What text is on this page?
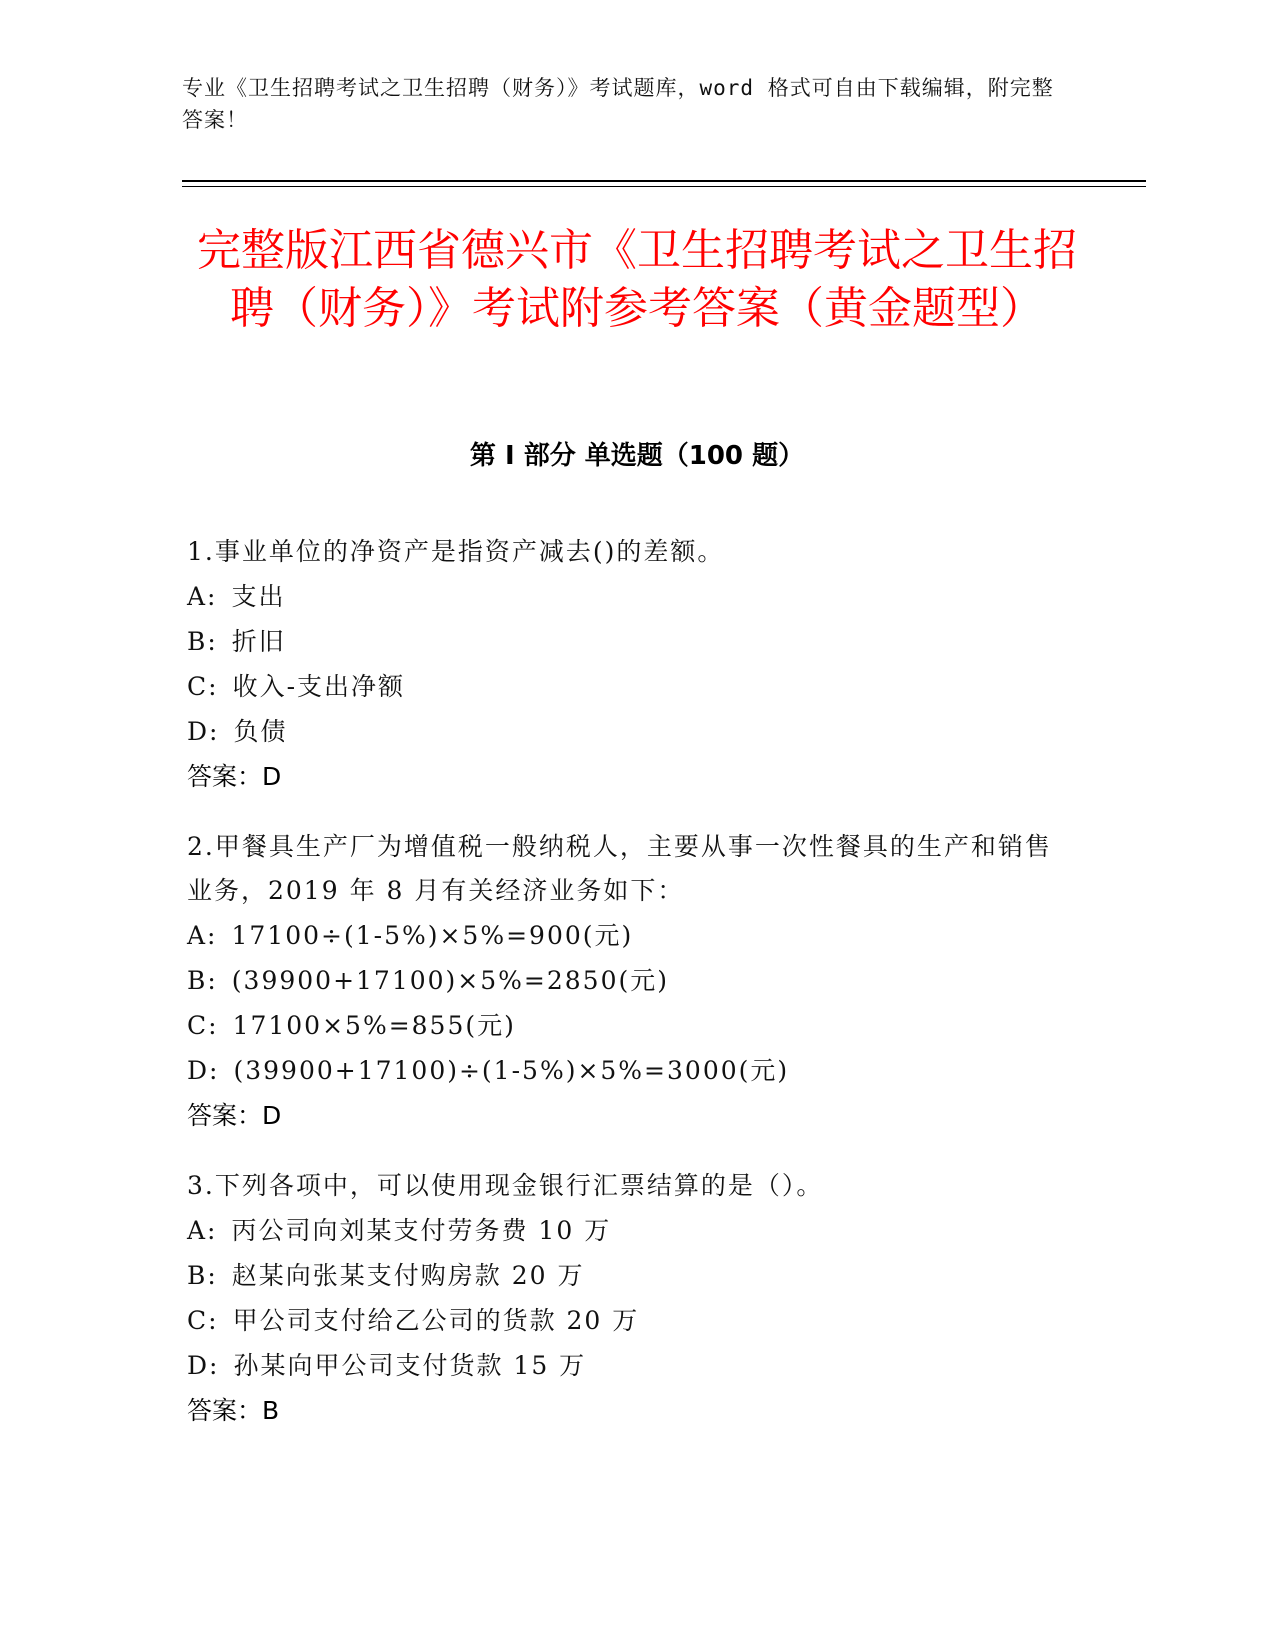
专业《卫生招聘考试之卫生招聘（财务）》考试题库，word 格式可自由下载编辑，附完整答案！
完整版江西省德兴市《卫生招聘考试之卫生招聘（财务）》考试附参考答案（黄金题型）
第 I 部分 单选题（100 题）
1.事业单位的净资产是指资产减去()的差额。
A: 支出
B: 折旧
C: 收入-支出净额
D: 负债
答案：D
2.甲餐具生产厂为增值税一般纳税人，主要从事一次性餐具的生产和销售业务，2019 年 8 月有关经济业务如下：
A: 17100÷(1-5%)×5%=900(元)
B: (39900+17100)×5%=2850(元)
C: 17100×5%=855(元)
D: (39900+17100)÷(1-5%)×5%=3000(元)
答案：D
3.下列各项中，可以使用现金银行汇票结算的是（）。
A: 丙公司向刘某支付劳务费 10 万
B: 赵某向张某支付购房款 20 万
C: 甲公司支付给乙公司的货款 20 万
D: 孙某向甲公司支付货款 15 万
答案：B
